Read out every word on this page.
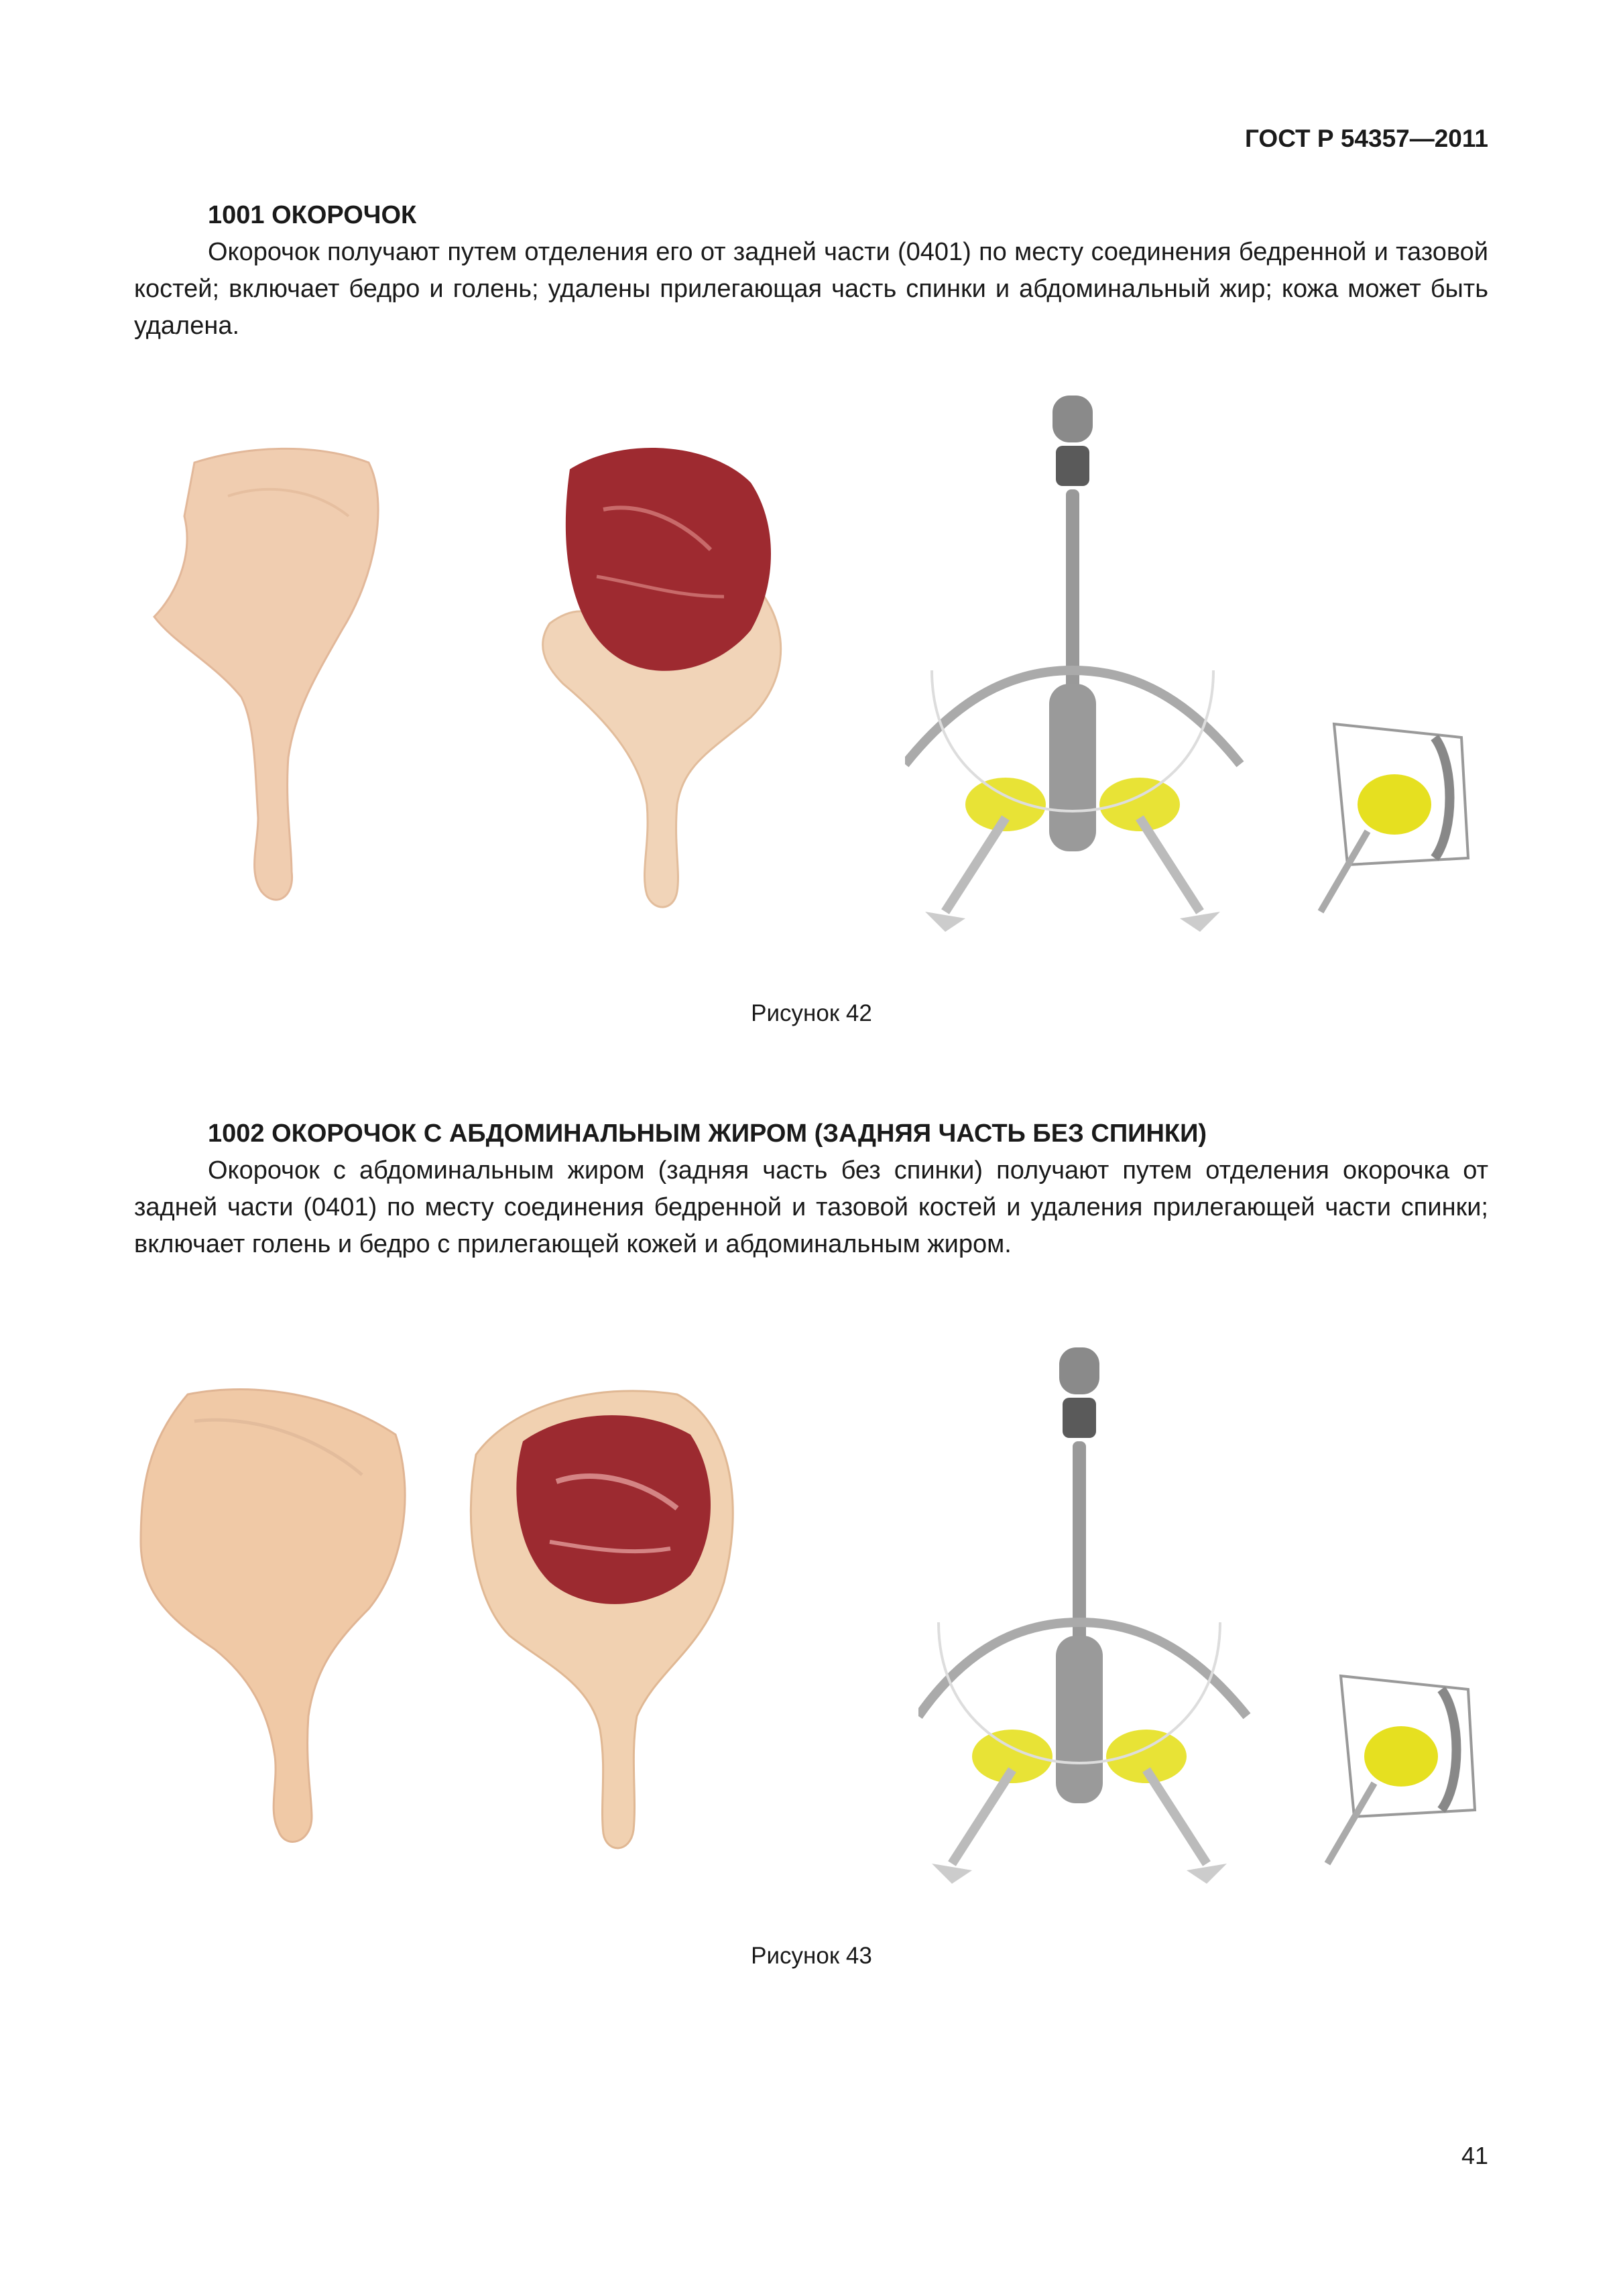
ГОСТ Р 54357—2011
1001 ОКОРОЧОК
Окорочок получают путем отделения его от задней части (0401) по месту соединения бедренной и тазовой костей; включает бедро и голень; удалены прилегающая часть спинки и абдоминальный жир; кожа может быть удалена.
Рисунок 42
1002 ОКОРОЧОК С АБДОМИНАЛЬНЫМ ЖИРОМ (ЗАДНЯЯ ЧАСТЬ БЕЗ СПИНКИ)
Окорочок с абдоминальным жиром (задняя часть без спинки) получают путем отделения окорочка от задней части (0401) по месту соединения бедренной и тазовой костей и удаления прилегающей части спинки; включает голень и бедро с прилегающей кожей и абдоминальным жиром.
Рисунок 43
41
